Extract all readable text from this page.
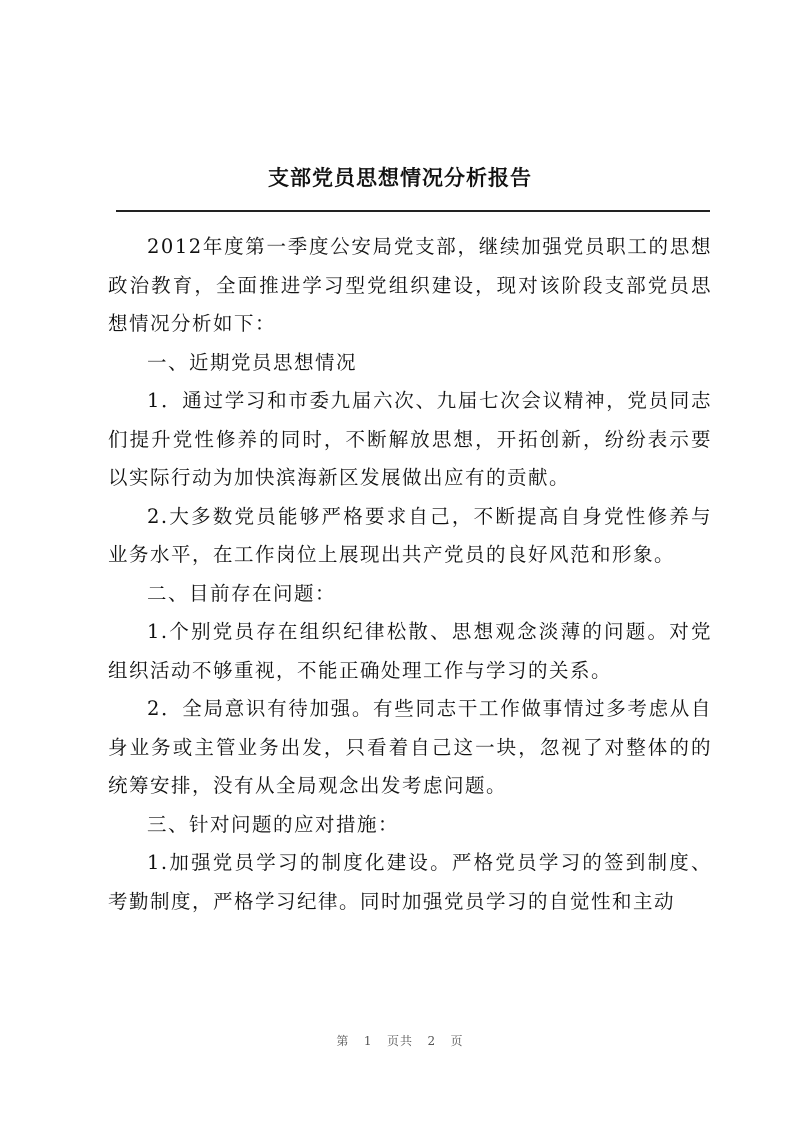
支部党员思想情况分析报告

2012年度第一季度公安局党支部，继续加强党员职工的思想政治教育，全面推进学习型党组织建设，现对该阶段支部党员思想情况分析如下：

一、近期党员思想情况

1．通过学习和市委九届六次、九届七次会议精神，党员同志们提升党性修养的同时，不断解放思想，开拓创新，纷纷表示要以实际行动为加快滨海新区发展做出应有的贡献。

2.大多数党员能够严格要求自己，不断提高自身党性修养与业务水平，在工作岗位上展现出共产党员的良好风范和形象。

二、目前存在问题：

1.个别党员存在组织纪律松散、思想观念淡薄的问题。对党组织活动不够重视，不能正确处理工作与学习的关系。

2．全局意识有待加强。有些同志干工作做事情过多考虑从自身业务或主管业务出发，只看着自己这一块，忽视了对整体的的统筹安排，没有从全局观念出发考虑问题。

三、针对问题的应对措施：

1.加强党员学习的制度化建设。严格党员学习的签到制度、考勤制度，严格学习纪律。同时加强党员学习的自觉性和主动

第 1 页共 2 页
